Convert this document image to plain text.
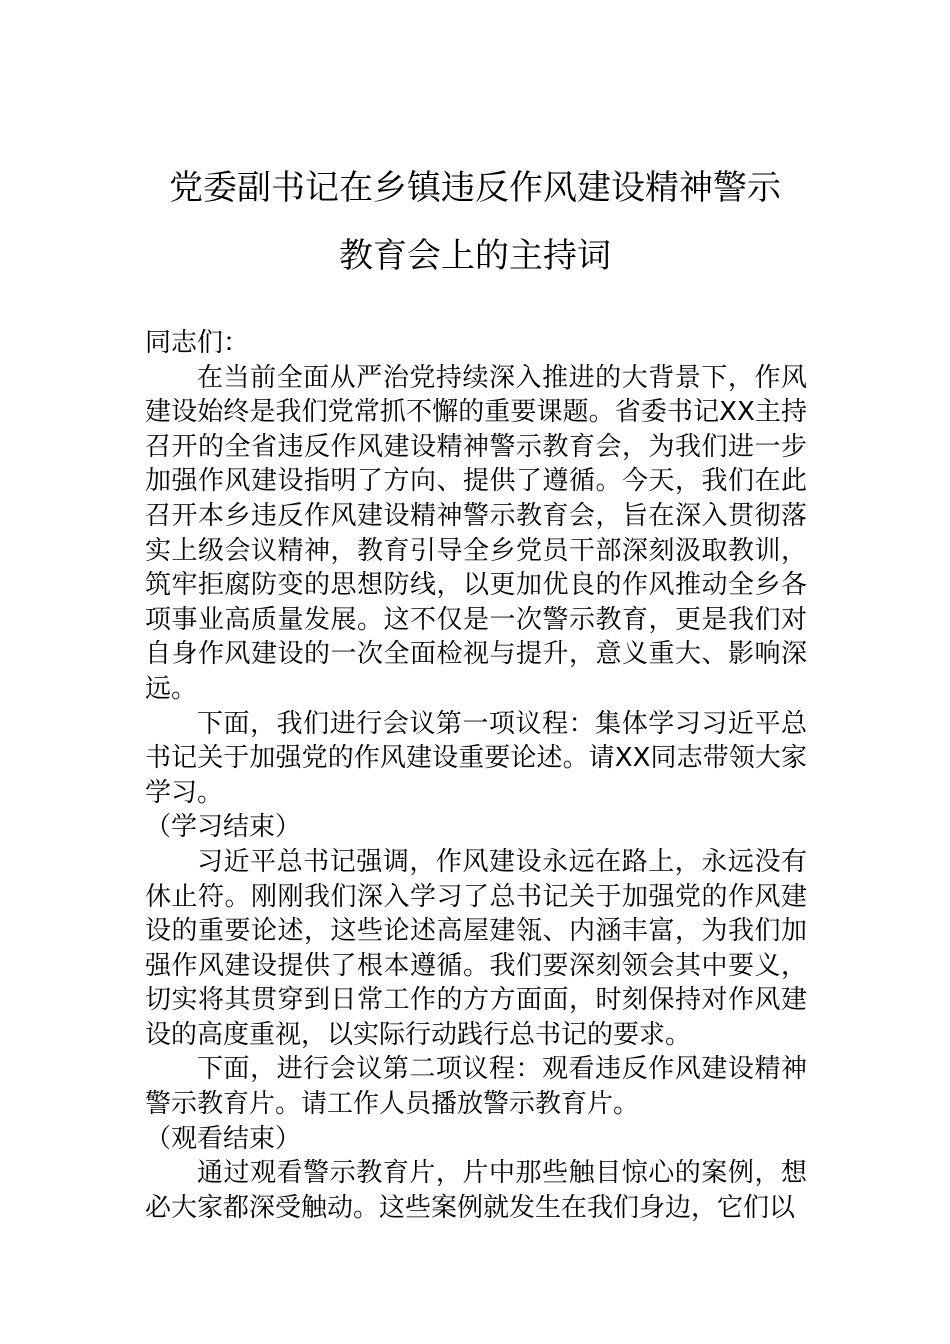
党委副书记在乡镇违反作风建设精神警示
教育会上的主持词

同志们：

在当前全面从严治党持续深入推进的大背景下，作风建设始终是我们党常抓不懈的重要课题。省委书记XX主持召开的全省违反作风建设精神警示教育会，为我们进一步加强作风建设指明了方向、提供了遵循。今天，我们在此召开本乡违反作风建设精神警示教育会，旨在深入贯彻落实上级会议精神，教育引导全乡党员干部深刻汲取教训，筑牢拒腐防变的思想防线，以更加优良的作风推动全乡各项事业高质量发展。这不仅是一次警示教育，更是我们对自身作风建设的一次全面检视与提升，意义重大、影响深远。

下面，我们进行会议第一项议程：集体学习习近平总书记关于加强党的作风建设重要论述。请XX同志带领大家学习。

（学习结束）

习近平总书记强调，作风建设永远在路上，永远没有休止符。刚刚我们深入学习了总书记关于加强党的作风建设的重要论述，这些论述高屋建瓴、内涵丰富，为我们加强作风建设提供了根本遵循。我们要深刻领会其中要义，切实将其贯穿到日常工作的方方面面，时刻保持对作风建设的高度重视，以实际行动践行总书记的要求。

下面，进行会议第二项议程：观看违反作风建设精神警示教育片。请工作人员播放警示教育片。

（观看结束）

通过观看警示教育片，片中那些触目惊心的案例，想必大家都深受触动。这些案例就发生在我们身边，它们以
